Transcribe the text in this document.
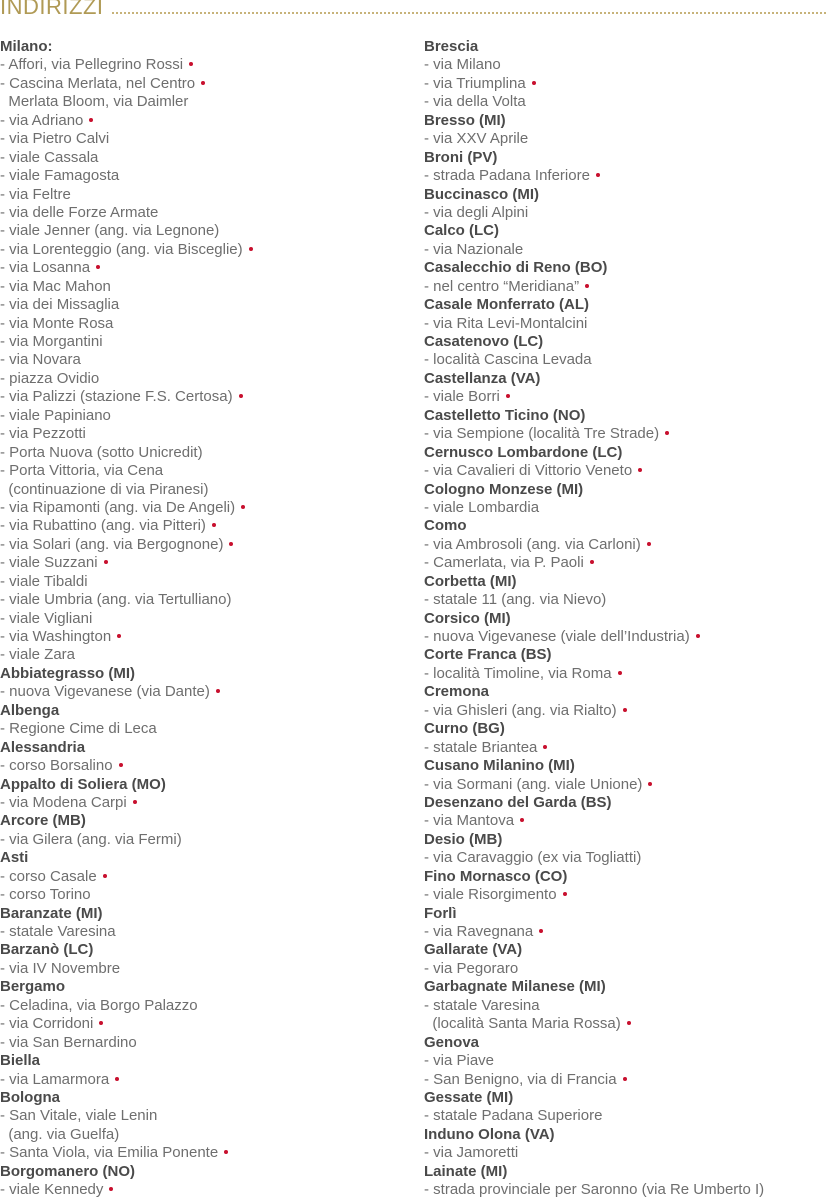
INDIRIZZI
Milano:
- Affori, via Pellegrino Rossi
- Cascina Merlata, nel Centro
Merlata Bloom, via Daimler
- via Adriano
- via Pietro Calvi
- viale Cassala
- viale Famagosta
- via Feltre
- via delle Forze Armate
- viale Jenner (ang. via Legnone)
- via Lorenteggio (ang. via Bisceglie)
- via Losanna
- via Mac Mahon
- via dei Missaglia
- via Monte Rosa
- via Morgantini
- via Novara
- piazza Ovidio
- via Palizzi (stazione F.S. Certosa)
- viale Papiniano
- via Pezzotti
- Porta Nuova (sotto Unicredit)
- Porta Vittoria, via Cena
(continuazione di via Piranesi)
- via Ripamonti (ang. via De Angeli)
- via Rubattino (ang. via Pitteri)
- via Solari (ang. via Bergognone)
- viale Suzzani
- viale Tibaldi
- viale Umbria (ang. via Tertulliano)
- viale Vigliani
- via Washington
- viale Zara
Abbiategrasso (MI)
- nuova Vigevanese (via Dante)
Albenga
- Regione Cime di Leca
Alessandria
- corso Borsalino
Appalto di Soliera (MO)
- via Modena Carpi
Arcore (MB)
- via Gilera (ang. via Fermi)
Asti
- corso Casale
- corso Torino
Baranzate (MI)
- statale Varesina
Barzanò (LC)
- via IV Novembre
Bergamo
- Celadina, via Borgo Palazzo
- via Corridoni
- via San Bernardino
Biella
- via Lamarmora
Bologna
- San Vitale, viale Lenin
(ang. via Guelfa)
- Santa Viola, via Emilia Ponente
Borgomanero (NO)
- viale Kennedy
Brescia
- via Milano
- via Triumplina
- via della Volta
Bresso (MI)
- via XXV Aprile
Broni (PV)
- strada Padana Inferiore
Buccinasco (MI)
- via degli Alpini
Calco (LC)
- via Nazionale
Casalecchio di Reno (BO)
- nel centro “Meridiana”
Casale Monferrato (AL)
- via Rita Levi-Montalcini
Casatenovo (LC)
- località Cascina Levada
Castellanza (VA)
- viale Borri
Castelletto Ticino (NO)
- via Sempione (località Tre Strade)
Cernusco Lombardone (LC)
- via Cavalieri di Vittorio Veneto
Cologno Monzese (MI)
- viale Lombardia
Como
- via Ambrosoli (ang. via Carloni)
- Camerlata, via P. Paoli
Corbetta (MI)
- statale 11 (ang. via Nievo)
Corsico (MI)
- nuova Vigevanese (viale dell’Industria)
Corte Franca (BS)
- località Timoline, via Roma
Cremona
- via Ghisleri (ang. via Rialto)
Curno (BG)
- statale Briantea
Cusano Milanino (MI)
- via Sormani (ang. viale Unione)
Desenzano del Garda (BS)
- via Mantova
Desio (MB)
- via Caravaggio (ex via Togliatti)
Fino Mornasco (CO)
- viale Risorgimento
Forlì
- via Ravegnana
Gallarate (VA)
- via Pegoraro
Garbagnate Milanese (MI)
- statale Varesina
(località Santa Maria Rossa)
Genova
- via Piave
- San Benigno, via di Francia
Gessate (MI)
- statale Padana Superiore
Induno Olona (VA)
- via Jamoretti
Lainate (MI)
- strada provinciale per Saronno (via Re Umberto I)
